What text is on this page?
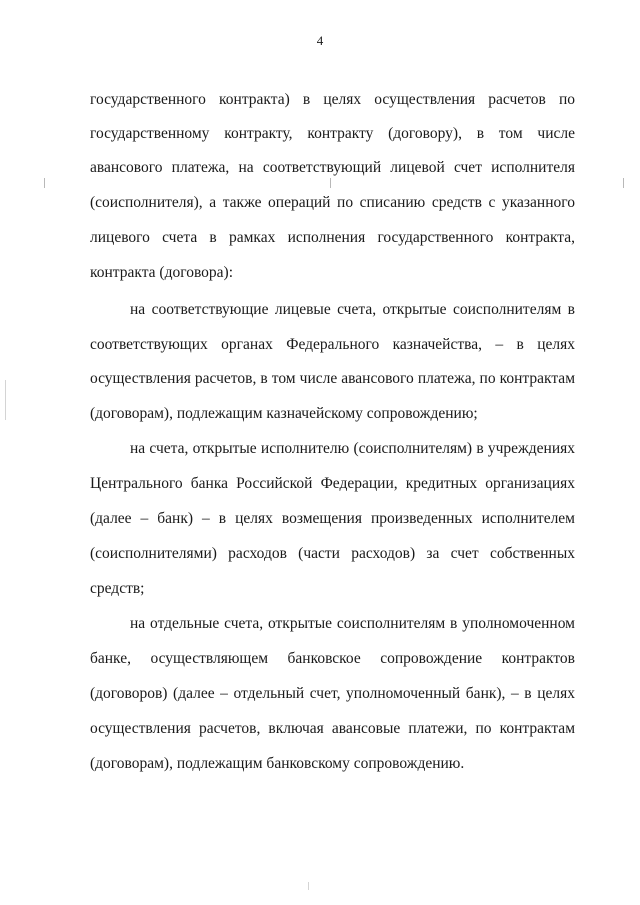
4
государственного контракта) в целях осуществления расчетов по
государственному контракту, контракту (договору), в том числе
авансового платежа, на соответствующий лицевой счет исполнителя
(соисполнителя), а также операций по списанию средств с указанного
лицевого счета в рамках исполнения государственного контракта,
контракта (договора):
на соответствующие лицевые счета, открытые соисполнителям в
соответствующих органах Федерального казначейства, – в целях
осуществления расчетов, в том числе авансового платежа, по контрактам
(договорам), подлежащим казначейскому сопровождению;
на счета, открытые исполнителю (соисполнителям) в учреждениях
Центрального банка Российской Федерации, кредитных организациях
(далее – банк) – в целях возмещения произведенных исполнителем
(соисполнителями) расходов (части расходов) за счет собственных
средств;
на отдельные счета, открытые соисполнителям в уполномоченном
банке, осуществляющем банковское сопровождение контрактов
(договоров) (далее – отдельный счет, уполномоченный банк), – в целях
осуществления расчетов, включая авансовые платежи, по контрактам
(договорам), подлежащим банковскому сопровождению.
